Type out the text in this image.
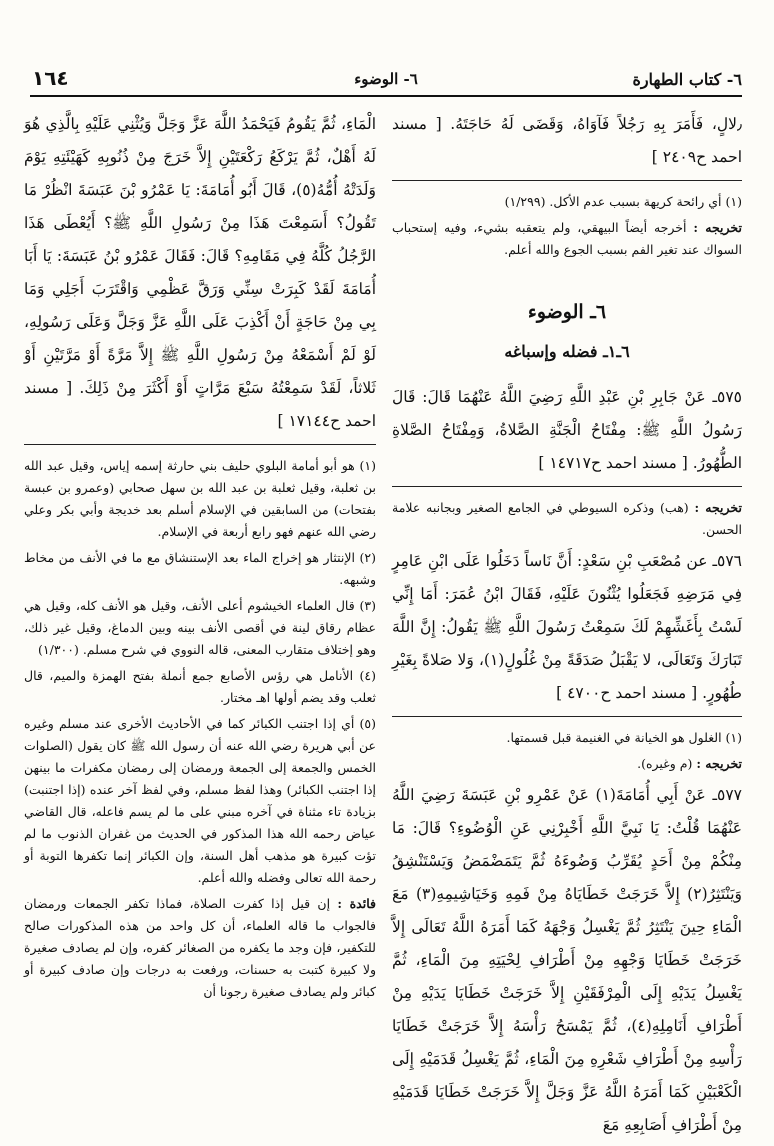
٦- كتاب الطهارة
٦- الوضوء
١٦٤

٫لالٍ، فَأَمَرَ بِهِ رَجُلاً فَآوَاهُ، وَقَضَى لَهُ حَاجَتَهُ. [ مسند احمد ح٢٤٠٩ ]

(١) أي رائحة كريهة بسبب عدم الأكل. (١/٢٩٩)

تخريجه : أخرجه أيضاً البيهقي، ولم يتعقبه بشيء، وفيه إستحباب السواك عند تغير الفم بسبب الجوع والله أعلم.

٦ـ الوضوء
٦ـ١ـ فضله وإسباغه

٥٧٥ـ عَنْ جَابِرِ بْنِ عَبْدِ اللَّهِ رَضِيَ اللَّهُ عَنْهُمَا قَالَ: قَالَ رَسُولُ اللَّهِ ﷺ: مِفْتَاحُ الْجَنَّةِ الصَّلاةُ، وَمِفْتَاحُ الصَّلاةِ الطُّهُورُ. [ مسند احمد ح١٤٧١٧ ]

تخريجه : (هب) وذكره السيوطي في الجامع الصغير وبجانبه علامة الحسن.

٥٧٦ـ عن مُصْعَبِ بْنِ سَعْدٍ: أَنَّ نَاساً دَخَلُوا عَلَى ابْنِ عَامِرٍ فِي مَرَضِهِ فَجَعَلُوا يُثْنُونَ عَلَيْهِ، فَقَالَ ابْنُ عُمَرَ: أَمَا إِنِّي لَسْتُ بِأَغَشِّهِمْ لَكَ سَمِعْتُ رَسُولَ اللَّهِ ﷺ يَقُولُ: إِنَّ اللَّهَ تَبَارَكَ وَتَعَالَى، لا يَقْبَلُ صَدَقَةً مِنْ غُلُولٍ(١)، وَلا صَلاةً بِغَيْرِ طُهُورٍ. [ مسند احمد ح٤٧٠٠ ]

(١) الغلول هو الخيانة في الغنيمة قبل قسمتها.

تخريجه : (م وغيره).

٥٧٧ـ عَنْ أَبِي أُمَامَةَ(١) عَنْ عَمْرِو بْنِ عَبَسَةَ رَضِيَ اللَّهُ عَنْهُمَا قُلْتُ: يَا نَبِيَّ اللَّهِ أَخْبِرْنِي عَنِ الْوُضُوءِ؟ قَالَ: مَا مِنْكُمْ مِنْ أَحَدٍ يُقَرِّبُ وَضُوءَهُ ثُمَّ يَتَمَضْمَضُ وَيَسْتَنْشِقُ وَيَنْتَثِرُ(٢) إِلاَّ خَرَجَتْ خَطَايَاهُ مِنْ فَمِهِ وَخَيَاشِيمِهِ(٣) مَعَ الْمَاءِ حِينَ يَنْتَثِرُ ثُمَّ يَغْسِلُ وَجْهَهُ كَمَا أَمَرَهُ اللَّهُ تَعَالَى إِلاَّ خَرَجَتْ خَطَايَا وَجْهِهِ مِنْ أَطْرَافِ لِحْيَتِهِ مِنَ الْمَاءِ، ثُمَّ يَغْسِلُ يَدَيْهِ إِلَى الْمِرْفَقَيْنِ إِلاَّ خَرَجَتْ خَطَايَا يَدَيْهِ مِنْ أَطْرَافِ أَنَامِلِهِ(٤)، ثُمَّ يَمْسَحُ رَأْسَهُ إِلاَّ خَرَجَتْ خَطَايَا رَأْسِهِ مِنْ أَطْرَافِ شَعْرِهِ مِنَ الْمَاءِ، ثُمَّ يَغْسِلُ قَدَمَيْهِ إِلَى الْكَعْبَيْنِ كَمَا أَمَرَهُ اللَّهُ عَزَّ وَجَلَّ إِلاَّ خَرَجَتْ خَطَايَا قَدَمَيْهِ مِنْ أَطْرَافِ أَصَابِعِهِ مَعَ

الْمَاءِ، ثُمَّ يَقُومُ فَيَحْمَدُ اللَّهَ عَزَّ وَجَلَّ وَيُثْنِي عَلَيْهِ بِالَّذِي هُوَ لَهُ أَهْلٌ، ثُمَّ يَرْكَعُ رَكْعَتَيْنِ إِلاَّ خَرَجَ مِنْ ذُنُوبِهِ كَهَيْئَتِهِ يَوْمَ وَلَدَتْهُ أُمُّهُ(٥)، قَالَ أَبُو أُمَامَةَ: يَا عَمْرُو بْنَ عَبَسَةَ انْظُرْ مَا تَقُولُ؟ أَسَمِعْتَ هَذَا مِنْ رَسُولِ اللَّهِ ﷺ؟ أَيُعْطَى هَذَا الرَّجُلُ كُلَّهُ فِي مَقَامِهِ؟ قَالَ: فَقَالَ عَمْرُو بْنُ عَبَسَةَ: يَا أَبَا أُمَامَةَ لَقَدْ كَبِرَتْ سِنِّي وَرَقَّ عَظْمِي وَاقْتَرَبَ أَجَلِي وَمَا بِي مِنْ حَاجَةٍ أَنْ أَكْذِبَ عَلَى اللَّهِ عَزَّ وَجَلَّ وَعَلَى رَسُولِهِ، لَوْ لَمْ أَسْمَعْهُ مِنْ رَسُولِ اللَّهِ ﷺ إِلاَّ مَرَّةً أَوْ مَرَّتَيْنِ أَوْ ثَلاثاً، لَقَدْ سَمِعْتُهُ سَبْعَ مَرَّاتٍ أَوْ أَكْثَرَ مِنْ ذَلِكَ. [ مسند احمد ح١٧١٤٤ ]

(١) هو أبو أمامة البلوي حليف بني حارثة إسمه إياس، وقيل عبد الله بن ثعلبة، وقيل ثعلبة بن عبد الله بن سهل صحابي (وعمرو بن عبسة بفتحات) من السابقين في الإسلام أسلم بعد خديجة وأبي بكر وعلي رضي الله عنهم فهو رابع أربعة في الإسلام.

(٢) الإنتثار هو إخراج الماء بعد الإستنشاق مع ما في الأنف من مخاط وشبهه.

(٣) قال العلماء الخيشوم أعلى الأنف، وقيل هو الأنف كله، وقيل هي عظام رقاق لينة في أقصى الأنف بينه وبين الدماغ، وقيل غير ذلك، وهو إختلاف متقارب المعنى، قاله النووي في شرح مسلم. (١/٣٠٠)

(٤) الأنامل هي رؤس الأصابع جمع أنملة بفتح الهمزة والميم، قال ثعلب وقد يضم أولها اهـ مختار.

(٥) أي إذا اجتنب الكبائر كما في الأحاديث الأخرى عند مسلم وغيره عن أبي هريرة رضي الله عنه أن رسول الله ﷺ كان يقول (الصلوات الخمس والجمعة إلى الجمعة ورمضان إلى رمضان مكفرات ما بينهن إذا اجتنب الكبائر) وهذا لفظ مسلم، وفي لفظ آخر عنده (إذا اجتنبت) بزيادة تاء مثناة في آخره مبني على ما لم يسم فاعله، قال القاضي عياض رحمه الله هذا المذكور في الحديث من غفران الذنوب ما لم تؤت كبيرة هو مذهب أهل السنة، وإن الكبائر إنما تكفرها التوبة أو رحمة الله تعالى وفضله والله أعلم.

فائدة : إن قيل إذا كفرت الصلاة، فماذا تكفر الجمعات ورمضان فالجواب ما قاله العلماء، أن كل واحد من هذه المذكورات صالح للتكفير، فإن وجد ما يكفره من الصغائر كفره، وإن لم يصادف صغيرة ولا كبيرة كتبت به حسنات، ورفعت به درجات وإن صادف كبيرة أو كبائر ولم يصادف صغيرة رجونا أن
